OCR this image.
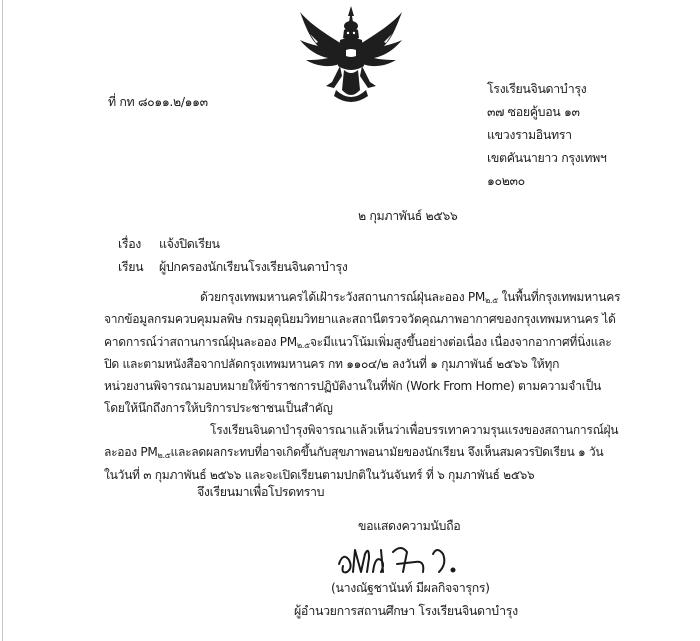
ที่ กท ๘๐๑๑.๒/๑๑๓
โรงเรียนจินดาบำรุง
๓๗ ซอยคู้บอน ๑๓
แขวงรามอินทรา
เขตคันนายาว กรุงเทพฯ
๑๐๒๓๐
๒ กุมภาพันธ์ ๒๕๖๖
เรื่อง แจ้งปิดเรียน
เรียน ผู้ปกครองนักเรียนโรงเรียนจินดาบำรุง
ด้วยกรุงเทพมหานครได้เฝ้าระวังสถานการณ์ฝุ่นละออง $PM_{๒.๕}$ ในพื้นที่กรุงเทพมหานคร
จากข้อมูลกรมควบคุมมลพิษ กรมอุตุนิยมวิทยาและสถานีตรวจวัดคุณภาพอากาศของกรุงเทพมหานคร ได้
คาดการณ์ว่าสถานการณ์ฝุ่นละออง $PM_{๒.๕}$จะมีแนวโน้มเพิ่มสูงขึ้นอย่างต่อเนื่อง เนื่องจากอากาศที่นิ่งและ
ปิด และตามหนังสือจากปลัดกรุงเทพมหานคร กท ๑๑๐๔/๒ ลงวันที่ ๑ กุมภาพันธ์ ๒๕๖๖ ให้ทุก
หน่วยงานพิจารณามอบหมายให้ข้าราชการปฏิบัติงานในที่พัก (Work From Home) ตามความจำเป็น
โดยให้นึกถึงการให้บริการประชาชนเป็นสำคัญ
โรงเรียนจินดาบำรุงพิจารณาแล้วเห็นว่าเพื่อบรรเทาความรุนแรงของสถานการณ์ฝุ่น
ละออง $PM_{๒.๕}$และลดผลกระทบที่อาจเกิดขึ้นกับสุขภาพอนามัยของนักเรียน จึงเห็นสมควรปิดเรียน ๑ วัน
ในวันที่ ๓ กุมภาพันธ์ ๒๕๖๖ และจะเปิดเรียนตามปกติในวันจันทร์ ที่ ๖ กุมภาพันธ์ ๒๕๖๖
จึงเรียนมาเพื่อโปรดทราบ
ขอแสดงความนับถือ
(นางณัฐชานันท์ มีผลกิจจารุกร)
ผู้อำนวยการสถานศึกษา โรงเรียนจินดาบำรุง
